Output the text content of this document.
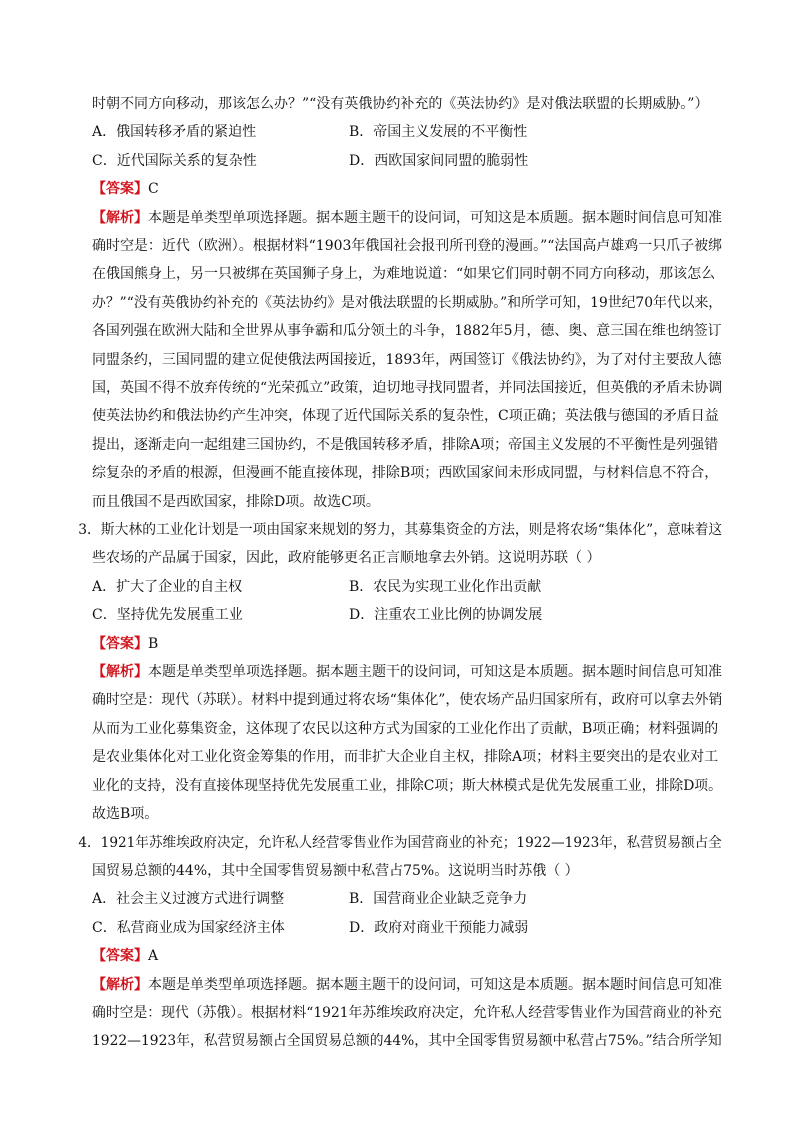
时朝不同方向移动，那该怎么办？”“没有英俄协约补充的《英法协约》是对俄法联盟的长期威胁。”）
A．俄国转移矛盾的紧迫性	B．帝国主义发展的不平衡性
C．近代国际关系的复杂性	D．西欧国家间同盟的脆弱性
【答案】C
【解析】本题是单类型单项选择题。据本题主题干的设问词，可知这是本质题。据本题时间信息可知准
确时空是：近代（欧洲）。根据材料“1903年俄国社会报刊所刊登的漫画。”“法国高卢雄鸡一只爪子被绑
在俄国熊身上，另一只被绑在英国狮子身上，为难地说道：“如果它们同时朝不同方向移动，那该怎么
办？”“没有英俄协约补充的《英法协约》是对俄法联盟的长期威胁。”和所学可知，19世纪70年代以来，
各国列强在欧洲大陆和全世界从事争霸和瓜分领土的斗争，1882年5月，德、奥、意三国在维也纳签订
同盟条约，三国同盟的建立促使俄法两国接近，1893年，两国签订《俄法协约》，为了对付主要敌人德
国，英国不得不放弃传统的“光荣孤立”政策，迫切地寻找同盟者，并同法国接近，但英俄的矛盾未协调
使英法协约和俄法协约产生冲突，体现了近代国际关系的复杂性，C项正确；英法俄与德国的矛盾日益
提出，逐渐走向一起组建三国协约，不是俄国转移矛盾，排除A项；帝国主义发展的不平衡性是列强错
综复杂的矛盾的根源，但漫画不能直接体现，排除B项；西欧国家间未形成同盟，与材料信息不符合，
而且俄国不是西欧国家，排除D项。故选C项。
3．斯大林的工业化计划是一项由国家来规划的努力，其募集资金的方法，则是将农场“集体化”，意味着这
些农场的产品属于国家，因此，政府能够更名正言顺地拿去外销。这说明苏联（ ）
A．扩大了企业的自主权	B．农民为实现工业化作出贡献
C．坚持优先发展重工业	D．注重农工业比例的协调发展
【答案】B
【解析】本题是单类型单项选择题。据本题主题干的设问词，可知这是本质题。据本题时间信息可知准
确时空是：现代（苏联）。材料中提到通过将农场“集体化”，使农场产品归国家所有，政府可以拿去外销
从而为工业化募集资金，这体现了农民以这种方式为国家的工业化作出了贡献，B项正确；材料强调的
是农业集体化对工业化资金筹集的作用，而非扩大企业自主权，排除A项；材料主要突出的是农业对工
业化的支持，没有直接体现坚持优先发展重工业，排除C项；斯大林模式是优先发展重工业，排除D项。
故选B项。
4．1921年苏维埃政府决定，允许私人经营零售业作为国营商业的补充；1922—1923年，私营贸易额占全
国贸易总额的44%，其中全国零售贸易额中私营占75%。这说明当时苏俄（ ）
A．社会主义过渡方式进行调整	B．国营商业企业缺乏竞争力
C．私营商业成为国家经济主体	D．政府对商业干预能力减弱
【答案】A
【解析】本题是单类型单项选择题。据本题主题干的设问词，可知这是本质题。据本题时间信息可知准
确时空是：现代（苏俄）。根据材料“1921年苏维埃政府决定，允许私人经营零售业作为国营商业的补充
1922—1923年，私营贸易额占全国贸易总额的44%，其中全国零售贸易额中私营占75%。”结合所学知
